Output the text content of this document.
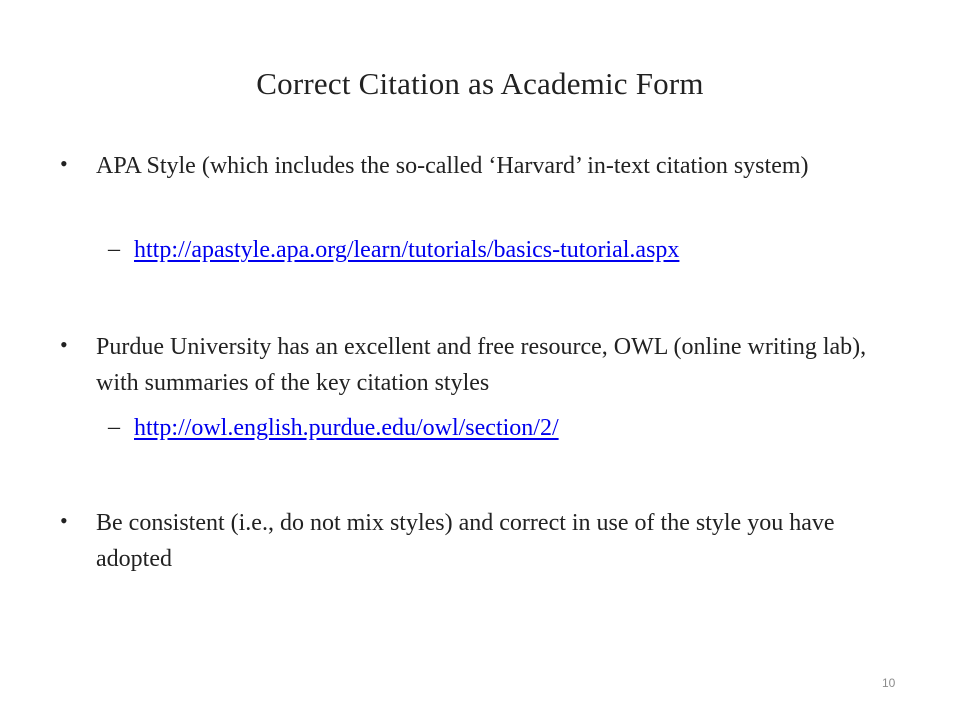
Correct Citation as Academic Form
• APA Style (which includes the so-called ‘Harvard’ in-text citation system)
– http://apastyle.apa.org/learn/tutorials/basics-tutorial.aspx
• Purdue University has an excellent and free resource, OWL (online writing lab), with summaries of the key citation styles
– http://owl.english.purdue.edu/owl/section/2/
• Be consistent (i.e., do not mix styles) and correct in use of the style you have adopted
10
